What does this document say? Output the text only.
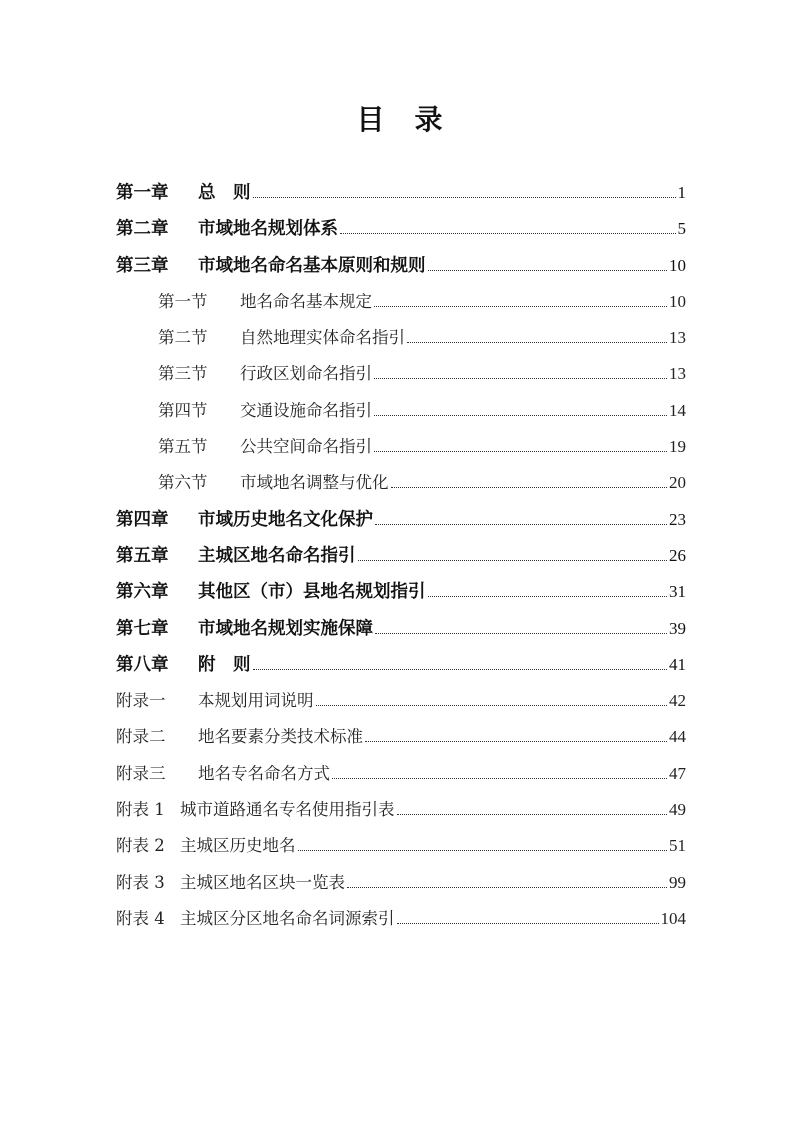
目　录
第一章	总　则	1
第二章	市域地名规划体系	5
第三章	市域地名命名基本原则和规则	10
第一节	地名命名基本规定	10
第二节	自然地理实体命名指引	13
第三节	行政区划命名指引	13
第四节	交通设施命名指引	14
第五节	公共空间命名指引	19
第六节	市域地名调整与优化	20
第四章	市域历史地名文化保护	23
第五章	主城区地名命名指引	26
第六章	其他区（市）县地名规划指引	31
第七章	市域地名规划实施保障	39
第八章	附　则	41
附录一	本规划用词说明	42
附录二	地名要素分类技术标准	44
附录三	地名专名命名方式	47
附表 1 城市道路通名专名使用指引表	49
附表 2 主城区历史地名	51
附表 3 主城区地名区块一览表	99
附表 4 主城区分区地名命名词源索引	104
